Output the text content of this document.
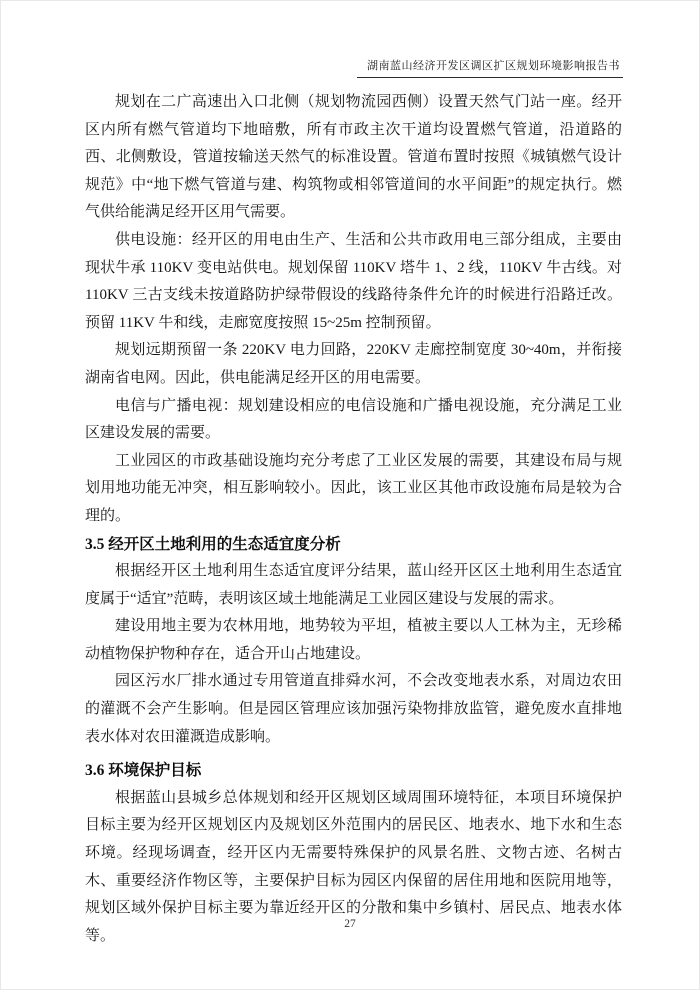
湖南蓝山经济开发区调区扩区规划环境影响报告书

规划在二广高速出入口北侧（规划物流园西侧）设置天然气门站一座。经开区内所有燃气管道均下地暗敷，所有市政主次干道均设置燃气管道，沿道路的西、北侧敷设，管道按输送天然气的标准设置。管道布置时按照《城镇燃气设计规范》中“地下燃气管道与建、构筑物或相邻管道间的水平间距”的规定执行。燃气供给能满足经开区用气需要。

供电设施：经开区的用电由生产、生活和公共市政用电三部分组成，主要由现状牛承 110KV 变电站供电。规划保留 110KV 塔牛 1、2 线，110KV 牛古线。对 110KV 三古支线未按道路防护绿带假设的线路待条件允许的时候进行沿路迁改。预留 11KV 牛和线，走廊宽度按照 15~25m 控制预留。

规划远期预留一条 220KV 电力回路，220KV 走廊控制宽度 30~40m，并衔接湖南省电网。因此，供电能满足经开区的用电需要。

电信与广播电视：规划建设相应的电信设施和广播电视设施，充分满足工业区建设发展的需要。

工业园区的市政基础设施均充分考虑了工业区发展的需要，其建设布局与规划用地功能无冲突，相互影响较小。因此，该工业区其他市政设施布局是较为合理的。

3.5 经开区土地利用的生态适宜度分析

根据经开区土地利用生态适宜度评分结果，蓝山经开区区土地利用生态适宜度属于“适宜”范畴，表明该区域土地能满足工业园区建设与发展的需求。

建设用地主要为农林用地，地势较为平坦，植被主要以人工林为主，无珍稀动植物保护物种存在，适合开山占地建设。

园区污水厂排水通过专用管道直排舜水河，不会改变地表水系，对周边农田的灌溉不会产生影响。但是园区管理应该加强污染物排放监管，避免废水直排地表水体对农田灌溉造成影响。

3.6 环境保护目标

根据蓝山县城乡总体规划和经开区规划区域周围环境特征，本项目环境保护目标主要为经开区规划区内及规划区外范围内的居民区、地表水、地下水和生态环境。经现场调查，经开区内无需要特殊保护的风景名胜、文物古迹、名树古木、重要经济作物区等，主要保护目标为园区内保留的居住用地和医院用地等，规划区域外保护目标主要为靠近经开区的分散和集中乡镇村、居民点、地表水体等。

27
